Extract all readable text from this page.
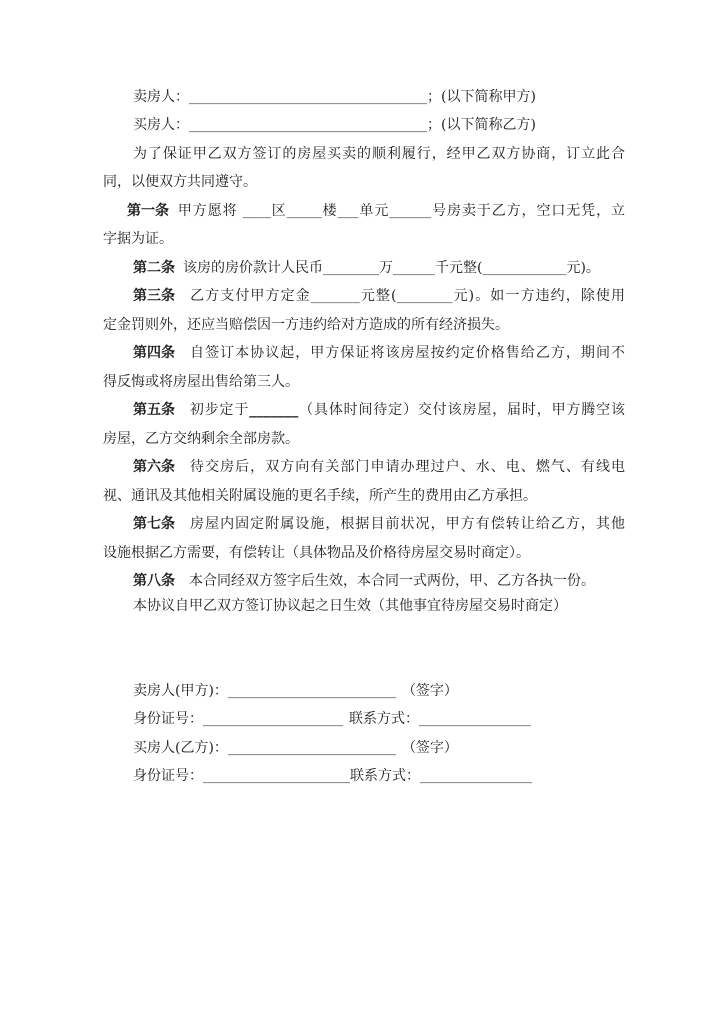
卖房人：__________________________________；(以下简称甲方)
买房人：__________________________________；(以下简称乙方)
为了保证甲乙双方签订的房屋买卖的顺利履行，经甲乙双方协商，订立此合
同，以便双方共同遵守。
第一条 甲方愿将 ____区_____楼___单元______号房卖于乙方，空口无凭，立
字据为证。
第二条 该房的房价款计人民币________万______千元整(____________元)。
第三条 乙方支付甲方定金_______元整(________元)。如一方违约，除使用
定金罚则外，还应当赔偿因一方违约给对方造成的所有经济损失。
第四条 自签订本协议起，甲方保证将该房屋按约定价格售给乙方，期间不
得反悔或将房屋出售给第三人。
第五条 初步定于_______（具体时间待定）交付该房屋，届时，甲方腾空该
房屋，乙方交纳剩余全部房款。
第六条 待交房后，双方向有关部门申请办理过户、水、电、燃气、有线电
视、通讯及其他相关附属设施的更名手续，所产生的费用由乙方承担。
第七条 房屋内固定附属设施，根据目前状况，甲方有偿转让给乙方，其他
设施根据乙方需要，有偿转让（具体物品及价格待房屋交易时商定）。
第八条 本合同经双方签字后生效，本合同一式两份，甲、乙方各执一份。
本协议自甲乙双方签订协议起之日生效（其他事宜待房屋交易时商定）
卖房人(甲方)：________________________ （签字）
身份证号：____________________ 联系方式：________________
买房人(乙方)：________________________ （签字）
身份证号：_____________________联系方式：________________
